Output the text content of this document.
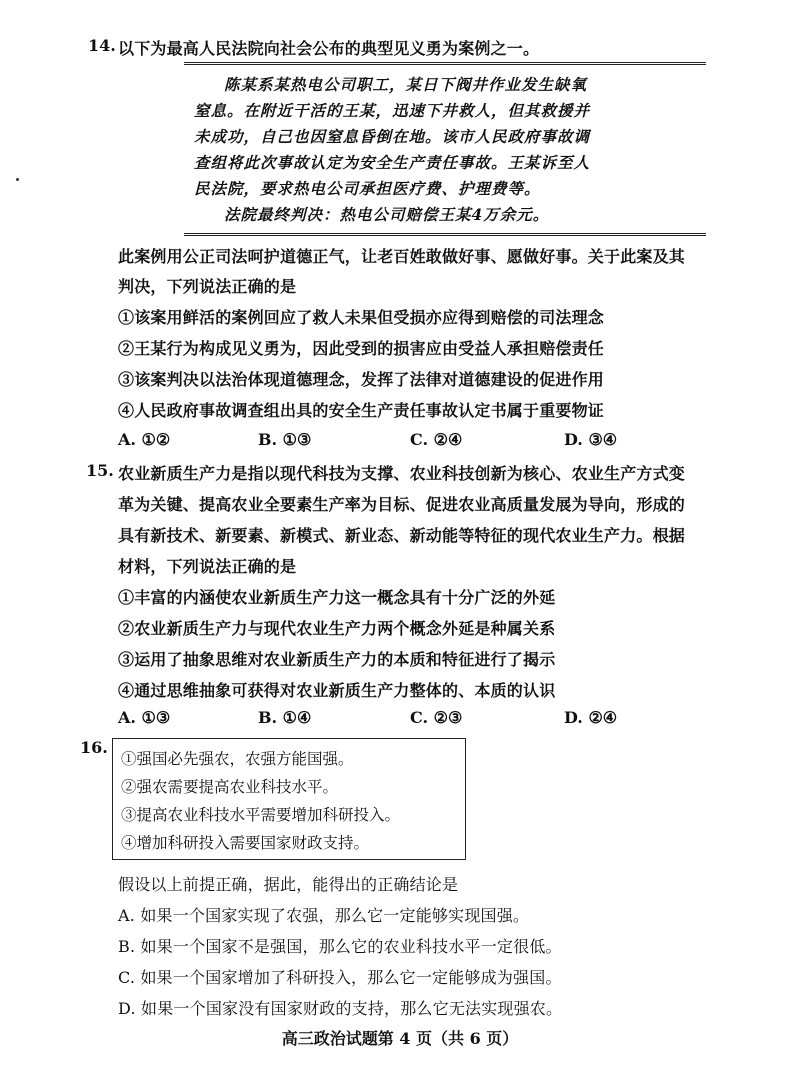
14. 以下为最高人民法院向社会公布的典型见义勇为案例之一。
陈某系某热电公司职工，某日下阀井作业发生缺氧
窒息。在附近干活的王某，迅速下井救人，但其救援并
未成功，自己也因窒息昏倒在地。该市人民政府事故调
查组将此次事故认定为安全生产责任事故。王某诉至人
民法院，要求热电公司承担医疗费、护理费等。
法院最终判决：热电公司赔偿王某4万余元。
此案例用公正司法呵护道德正气，让老百姓敢做好事、愿做好事。关于此案及其
判决，下列说法正确的是
①该案用鲜活的案例回应了救人未果但受损亦应得到赔偿的司法理念
②王某行为构成见义勇为，因此受到的损害应由受益人承担赔偿责任
③该案判决以法治体现道德理念，发挥了法律对道德建设的促进作用
④人民政府事故调查组出具的安全生产责任事故认定书属于重要物证
A. ①②	B. ①③	C. ②④	D. ③④
15. 农业新质生产力是指以现代科技为支撑、农业科技创新为核心、农业生产方式变
革为关键、提高农业全要素生产率为目标、促进农业高质量发展为导向，形成的
具有新技术、新要素、新模式、新业态、新动能等特征的现代农业生产力。根据
材料，下列说法正确的是
①丰富的内涵使农业新质生产力这一概念具有十分广泛的外延
②农业新质生产力与现代农业生产力两个概念外延是种属关系
③运用了抽象思维对农业新质生产力的本质和特征进行了揭示
④通过思维抽象可获得对农业新质生产力整体的、本质的认识
A. ①③	B. ①④	C. ②③	D. ②④
16.
①强国必先强农，农强方能国强。
②强农需要提高农业科技水平。
③提高农业科技水平需要增加科研投入。
④增加科研投入需要国家财政支持。
假设以上前提正确，据此，能得出的正确结论是
A. 如果一个国家实现了农强，那么它一定能够实现国强。
B. 如果一个国家不是强国，那么它的农业科技水平一定很低。
C. 如果一个国家增加了科研投入，那么它一定能够成为强国。
D. 如果一个国家没有国家财政的支持，那么它无法实现强农。
高三政治试题第 4 页（共 6 页）
